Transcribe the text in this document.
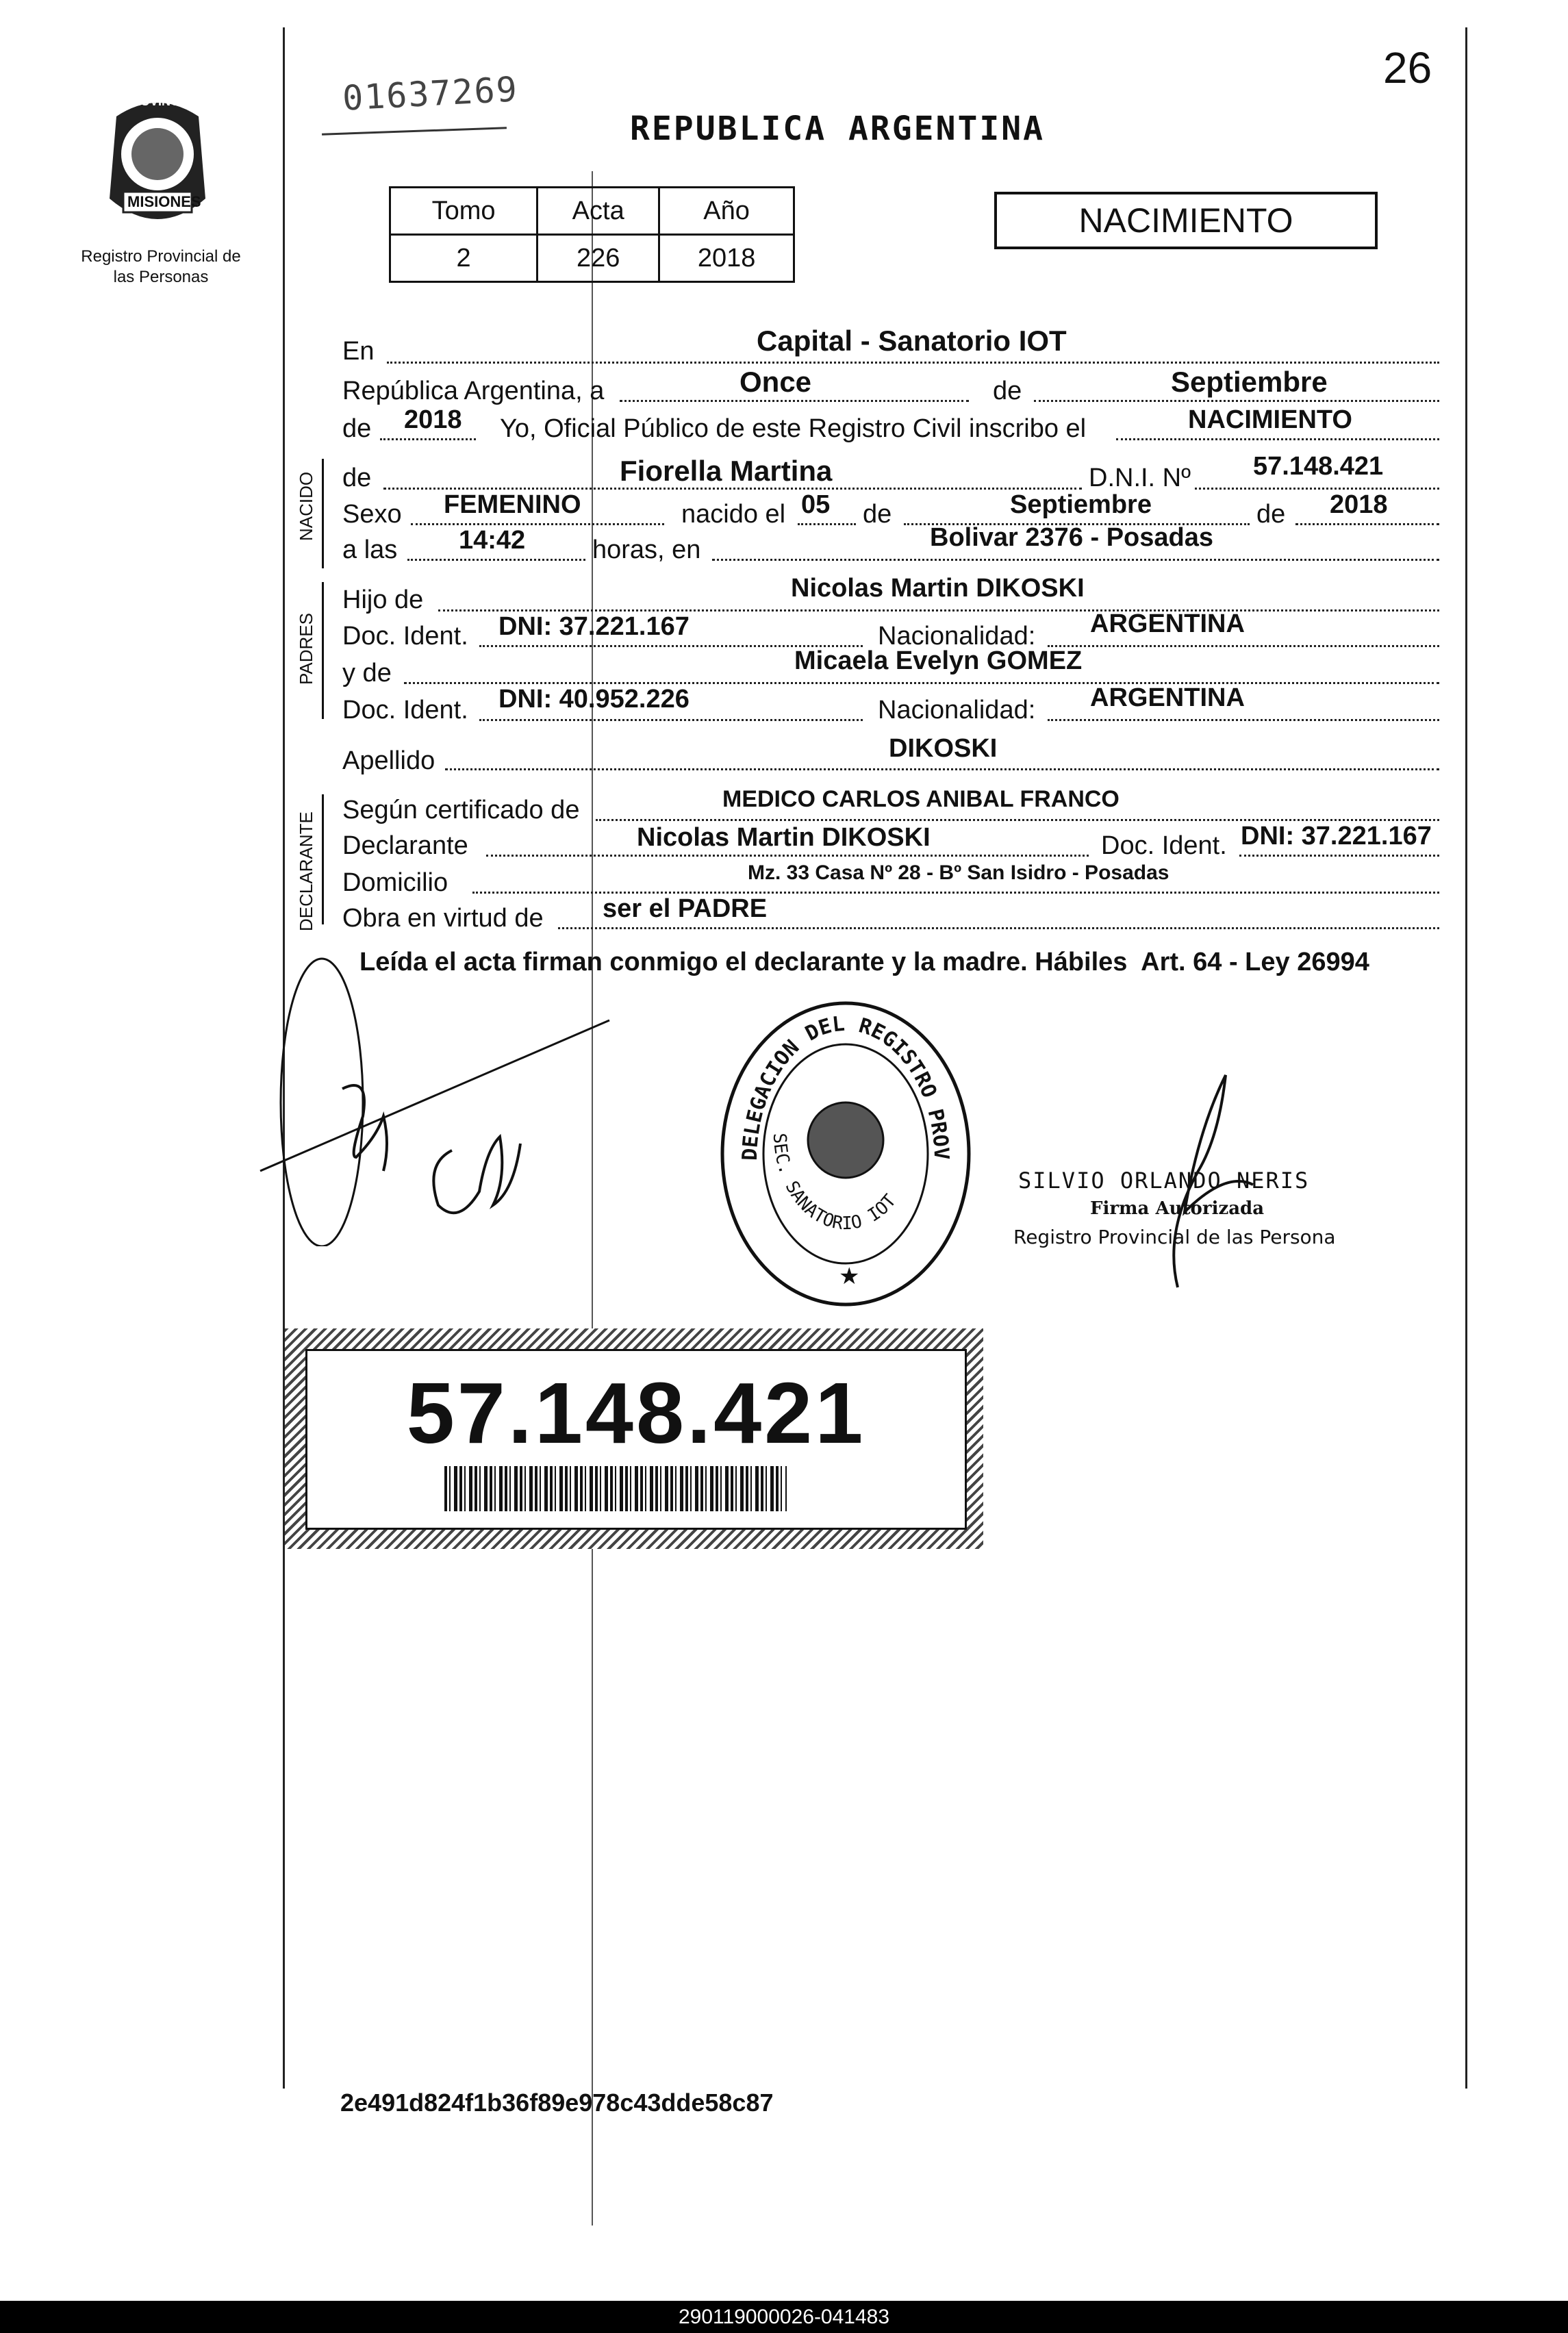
PROVINCIA DE
MISIONES
Registro Provincial de las Personas
01637269
26
REPUBLICA ARGENTINA
Tomo	Acta	Año
2	226	2018
NACIMIENTO
NACIDO
PADRES
DECLARANTE
En	Capital - Sanatorio IOT
República Argentina, a	Once	de	Septiembre
de 2018 Yo, Oficial Público de este Registro Civil inscribo el	NACIMIENTO
de	Fiorella Martina	D.N.I. Nº 57.148.421
Sexo FEMENINO	nacido el 05 de	Septiembre	de 2018
a las 14:42	horas, en	Bolivar 2376 - Posadas
Hijo de	Nicolas Martin DIKOSKI
Doc. Ident. DNI: 37.221.167	Nacionalidad: ARGENTINA
y de	Micaela Evelyn GOMEZ
Doc. Ident. DNI: 40.952.226	Nacionalidad: ARGENTINA
Apellido	DIKOSKI
Según certificado de	MEDICO CARLOS ANIBAL FRANCO
Declarante	Nicolas Martin DIKOSKI	Doc. Ident. DNI: 37.221.167
Domicilio	Mz. 33 Casa Nº 28 - Bº San Isidro - Posadas
Obra en virtud de ser el PADRE
Leída el acta firman conmigo el declarante y la madre. Hábiles  Art. 64 - Ley 26994
DELEGACION DEL REGISTRO PROV
SEC. SANATORIO IOT
★
SILVIO ORLANDO NERIS
Firma Autorizada
Registro Provincial de las Persona
57.148.421
2e491d824f1b36f89e978c43dde58c87
290119000026-041483
